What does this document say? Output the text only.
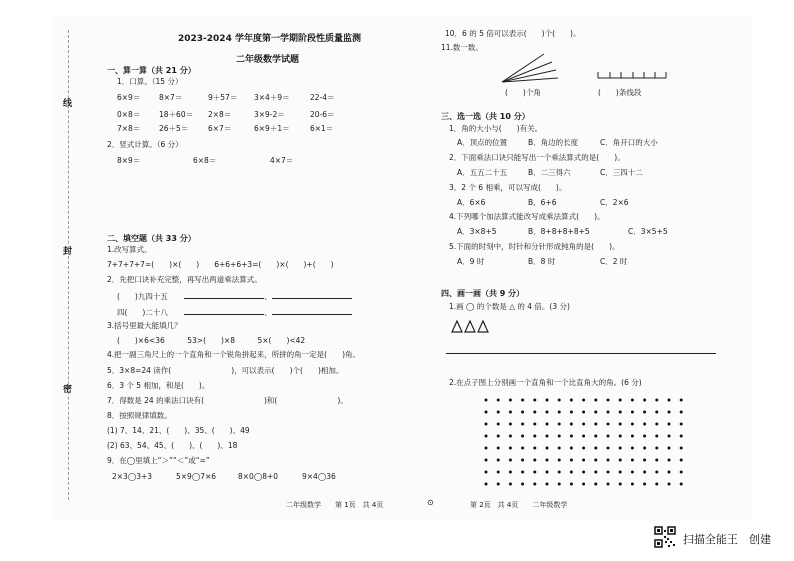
线
封
密
2023-2024 学年度第一学期阶段性质量监测
二年级数学试题
一、算一算（共 21 分）
1．口算。（15 分）
6×9＝ 8×7＝	9＋57＝ 3×4＋9＝	22-4＝
0×8＝ 18＋60＝ 2×8＝	3×9-2＝	20-6＝
7×8＝ 26＋5＝	6×7＝	6×9＋1＝	6×1＝
2．竖式计算。（6 分）
8×9＝	6×8＝	4×7＝
二、填空题（共 33 分）
1.改写算式。
7+7+7+7=(　　)×(　　)　　6+6+6+3=(　　)×(　　)+(　　)
2．先把口诀补充完整，再写出两道乘法算式。
(　　)九四十五	、
四(　　)二十八	、
3.括号里最大能填几？
(　　)×6<36　　　53>(　　)×8　　　5×(　　)<42
4.把一副三角尺上的一个直角和一个锐角拼起来，所拼的角一定是(　　)角。
5．3×8=24 读作(　　　　　　　　)，可以表示(　　)个(　　)相加。
6．3 个 5 相加，和是(　　)。
7．得数是 24 的乘法口诀有(　　　　　　　　)和(　　　　　　　　)。
8．按照规律填数。
(1) 7、14、21、(　　)、35、(　　)、49
(2) 63、54、45、(　　)、(　　)、18
9．在◯里填上“＞”“＜”或“=”
2×3◯3+3	5×9◯7×6	8×0◯8+0	9×4◯36
二年级数学　　第 1页　共 4页	⊙
10．6 的 5 倍可以表示(　　)个(　　)。
11.数一数。
(　　)个角	(　　)条线段
三、选一选（共 10 分）
1．角的大小与(　　)有关。
A．顶点的位置	B．角边的长度	C．角开口的大小
2．下面乘法口诀只能写出一个乘法算式的是(　　)。
A．五五二十五	B．二三得六	C．三四十二
3．2 个 6 相乘，可以写成(　　)。
A．6×6	B．6+6	C．2×6
4.下列哪个加法算式能改写成乘法算式(　　)。
A．3×8+5	B．8+8+8+8+5	C．3×5+5
5.下面的时刻中，时针和分针形成钝角的是(　　)。
A．9 时	B．8 时	C．2 时
四、画一画（共 9 分）
1.画 ◯ 的个数是 △ 的 4 倍。(3 分)
2.在点子图上分别画一个直角和一个比直角大的角。(6 分)
第 2页　共 4页　　二年级数学
扫描全能王　创建
